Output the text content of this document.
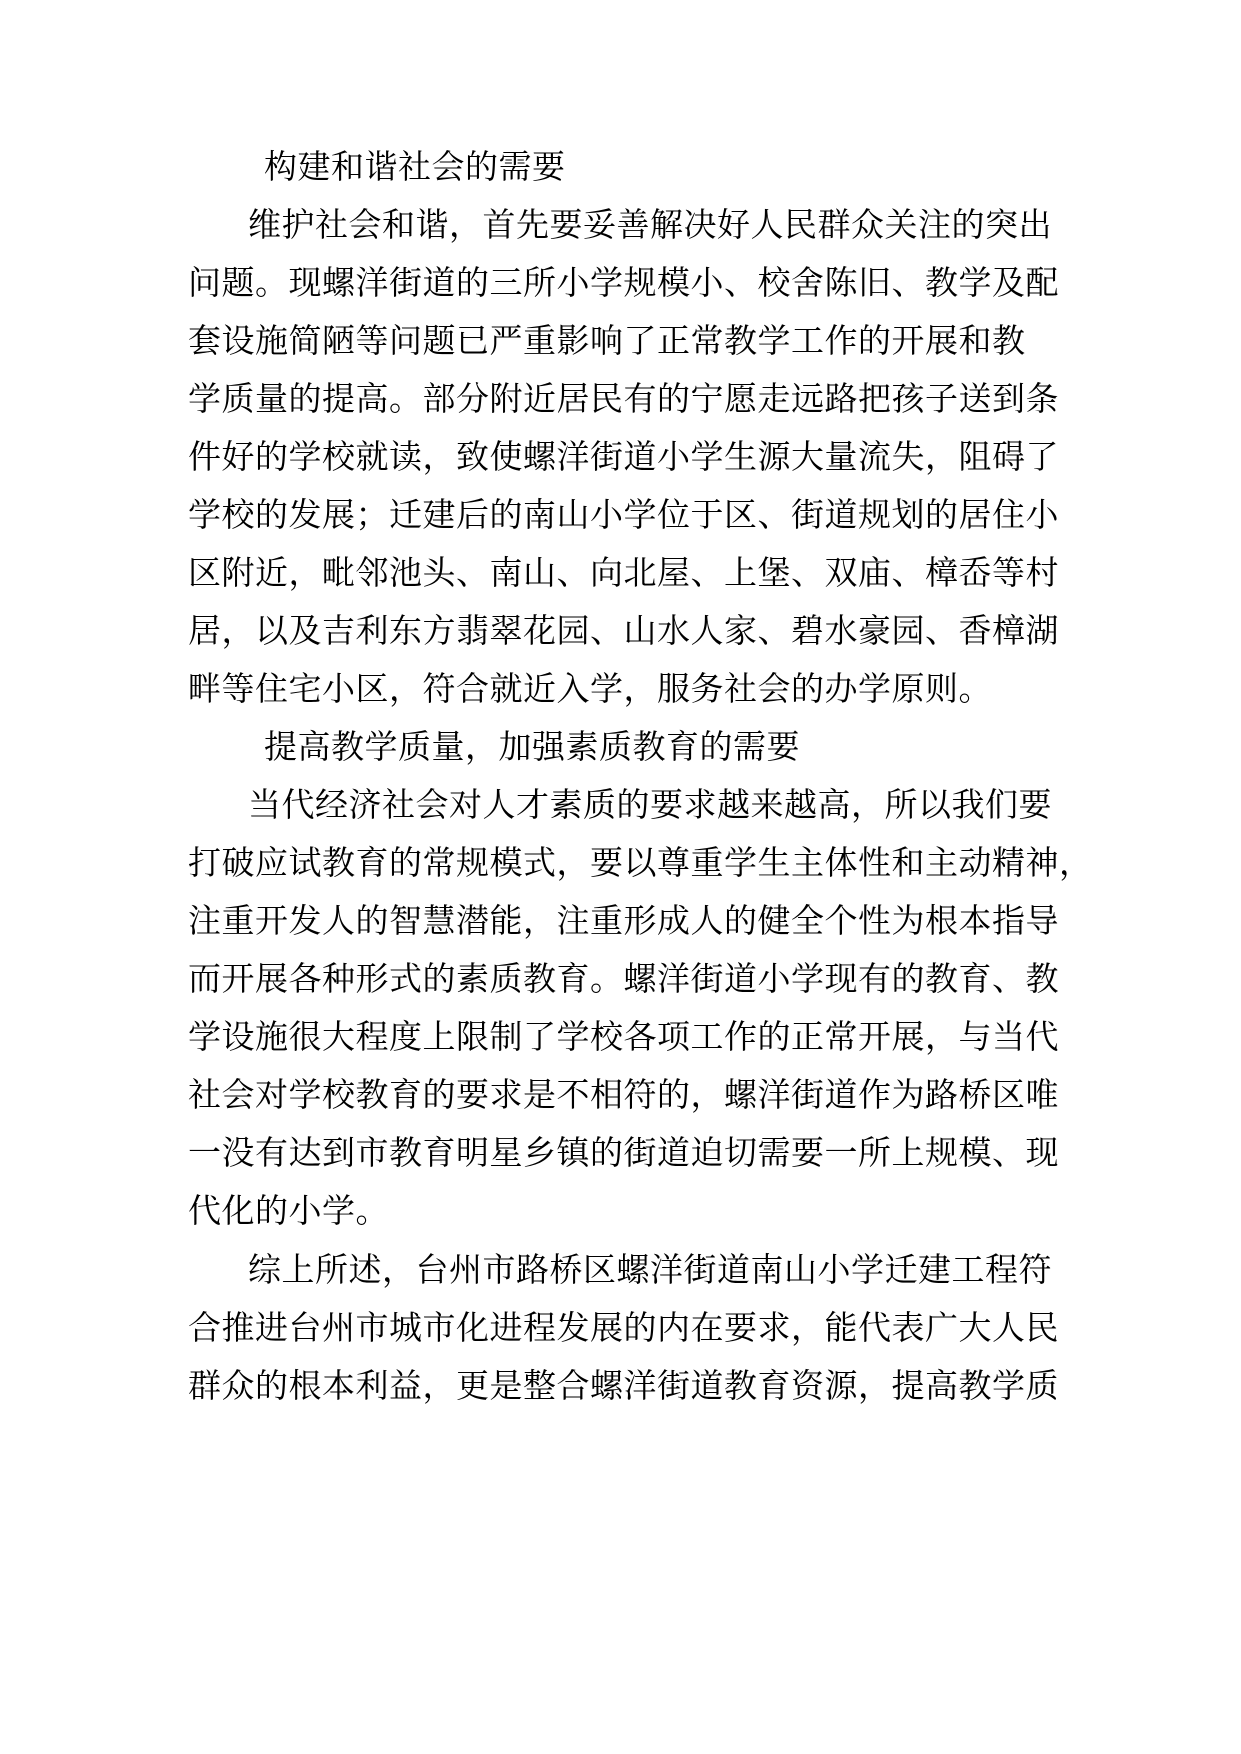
构建和谐社会的需要
维护社会和谐，首先要妥善解决好人民群众关注的突出
问题。现螺洋街道的三所小学规模小、校舍陈旧、教学及配
套设施简陋等问题已严重影响了正常教学工作的开展和教
学质量的提高。部分附近居民有的宁愿走远路把孩子送到条
件好的学校就读，致使螺洋街道小学生源大量流失，阻碍了
学校的发展；迁建后的南山小学位于区、街道规划的居住小
区附近，毗邻池头、南山、向北屋、上堡、双庙、樟岙等村
居，以及吉利东方翡翠花园、山水人家、碧水豪园、香樟湖
畔等住宅小区，符合就近入学，服务社会的办学原则。
提高教学质量，加强素质教育的需要
当代经济社会对人才素质的要求越来越高，所以我们要
打破应试教育的常规模式，要以尊重学生主体性和主动精神，
注重开发人的智慧潜能，注重形成人的健全个性为根本指导
而开展各种形式的素质教育。螺洋街道小学现有的教育、教
学设施很大程度上限制了学校各项工作的正常开展，与当代
社会对学校教育的要求是不相符的，螺洋街道作为路桥区唯
一没有达到市教育明星乡镇的街道迫切需要一所上规模、现
代化的小学。
综上所述，台州市路桥区螺洋街道南山小学迁建工程符
合推进台州市城市化进程发展的内在要求，能代表广大人民
群众的根本利益，更是整合螺洋街道教育资源，提高教学质
